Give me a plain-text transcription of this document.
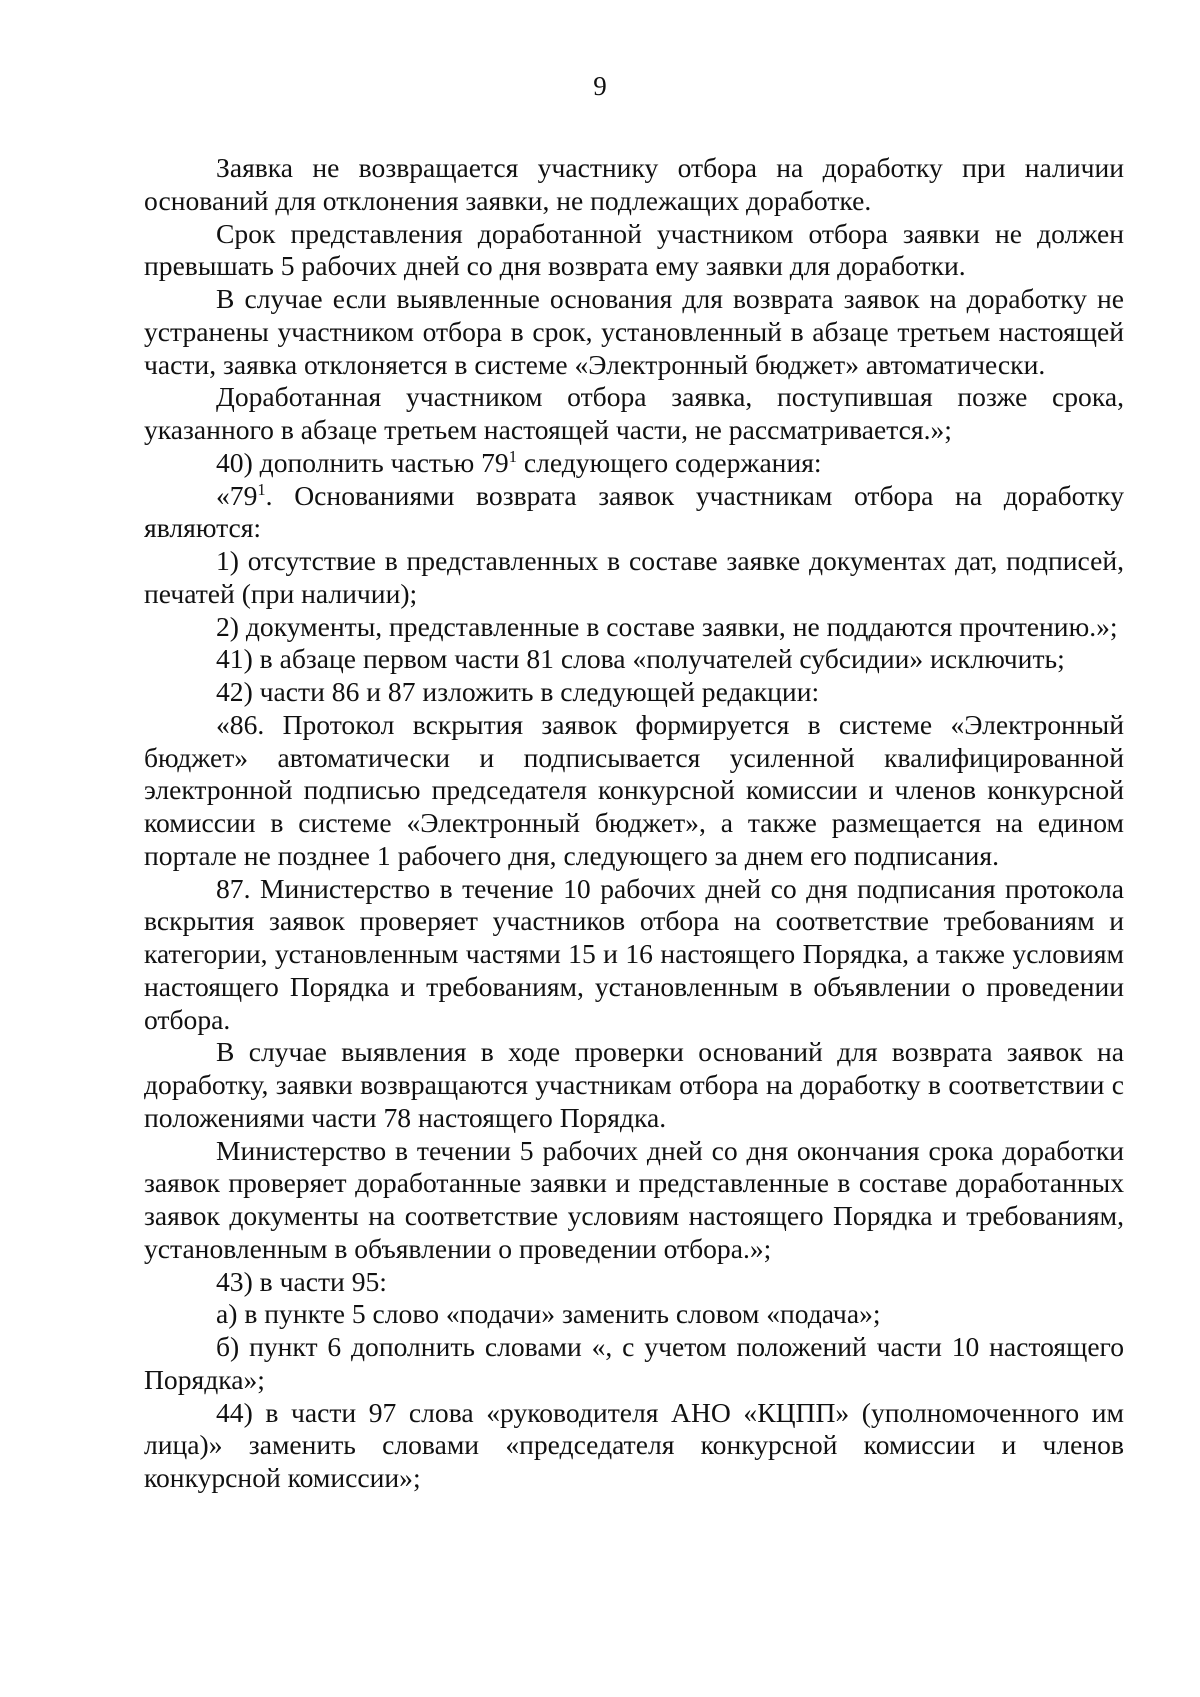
9

Заявка не возвращается участнику отбора на доработку при наличии оснований для отклонения заявки, не подлежащих доработке.

Срок представления доработанной участником отбора заявки не должен превышать 5 рабочих дней со дня возврата ему заявки для доработки.

В случае если выявленные основания для возврата заявок на доработку не устранены участником отбора в срок, установленный в абзаце третьем настоящей части, заявка отклоняется в системе «Электронный бюджет» автоматически.

Доработанная участником отбора заявка, поступившая позже срока, указанного в абзаце третьем настоящей части, не рассматривается.»;

40) дополнить частью $79^1$ следующего содержания:

«$79^1$. Основаниями возврата заявок участникам отбора на доработку являются:

1) отсутствие в представленных в составе заявке документах дат, подписей, печатей (при наличии);

2) документы, представленные в составе заявки, не поддаются прочтению.»;

41) в абзаце первом части 81 слова «получателей субсидии» исключить;

42) части 86 и 87 изложить в следующей редакции:

«86. Протокол вскрытия заявок формируется в системе «Электронный бюджет» автоматически и подписывается усиленной квалифицированной электронной подписью председателя конкурсной комиссии и членов конкурсной комиссии в системе «Электронный бюджет», а также размещается на едином портале не позднее 1 рабочего дня, следующего за днем его подписания.

87. Министерство в течение 10 рабочих дней со дня подписания протокола вскрытия заявок проверяет участников отбора на соответствие требованиям и категории, установленным частями 15 и 16 настоящего Порядка, а также условиям настоящего Порядка и требованиям, установленным в объявлении о проведении отбора.

В случае выявления в ходе проверки оснований для возврата заявок на доработку, заявки возвращаются участникам отбора на доработку в соответствии с положениями части 78 настоящего Порядка.

Министерство в течении 5 рабочих дней со дня окончания срока доработки заявок проверяет доработанные заявки и представленные в составе доработанных заявок документы на соответствие условиям настоящего Порядка и требованиям, установленным в объявлении о проведении отбора.»;

43) в части 95:

а) в пункте 5 слово «подачи» заменить словом «подача»;

б) пункт 6 дополнить словами «, с учетом положений части 10 настоящего Порядка»;

44) в части 97 слова «руководителя АНО «КЦПП» (уполномоченного им лица)» заменить словами «председателя конкурсной комиссии и членов конкурсной комиссии»;
